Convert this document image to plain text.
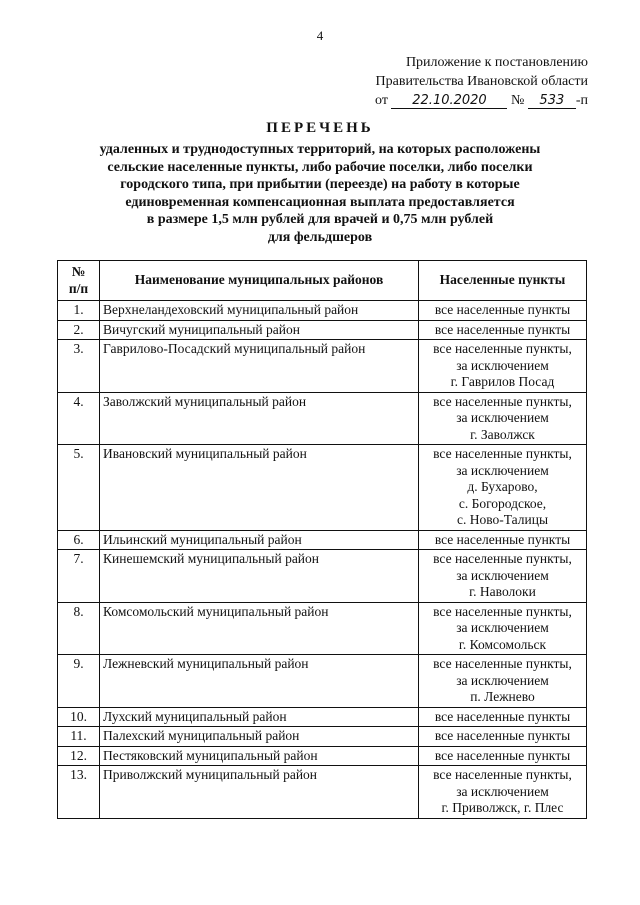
4
Приложение к постановлению
Правительства Ивановской области
от 22.10.2020 № 533 -п
ПЕРЕЧЕНЬ
удаленных и труднодоступных территорий, на которых расположены
сельские населенные пункты, либо рабочие поселки, либо поселки
городского типа, при прибытии (переезде) на работу в которые
единовременная компенсационная выплата предоставляется
в размере 1,5 млн рублей для врачей и 0,75 млн рублей
для фельдшеров
№
п/п	Наименование муниципальных районов	Населенные пункты
1.	Верхнеландеховский муниципальный район	все населенные пункты

2.	Вичугский муниципальный район	все населенные пункты

3.	Гаврилово-Посадский муниципальный район	все населенные пункты,
за исключением
г. Гаврилов Посад

4.	Заволжский муниципальный район	все населенные пункты,
за исключением
г. Заволжск

5.	Ивановский муниципальный район	все населенные пункты,
за исключением
д. Бухарово,
с. Богородское,
с. Ново-Талицы

6.	Ильинский муниципальный район	все населенные пункты

7.	Кинешемский муниципальный район	все населенные пункты,
за исключением
г. Наволоки

8.	Комсомольский муниципальный район	все населенные пункты,
за исключением
г. Комсомольск

9.	Лежневский муниципальный район	все населенные пункты,
за исключением
п. Лежнево

10.	Лухский муниципальный район	все населенные пункты

11.	Палехский муниципальный район	все населенные пункты

12.	Пестяковский муниципальный район	все населенные пункты

13.	Приволжский муниципальный район	все населенные пункты,
за исключением
г. Приволжск, г. Плес
